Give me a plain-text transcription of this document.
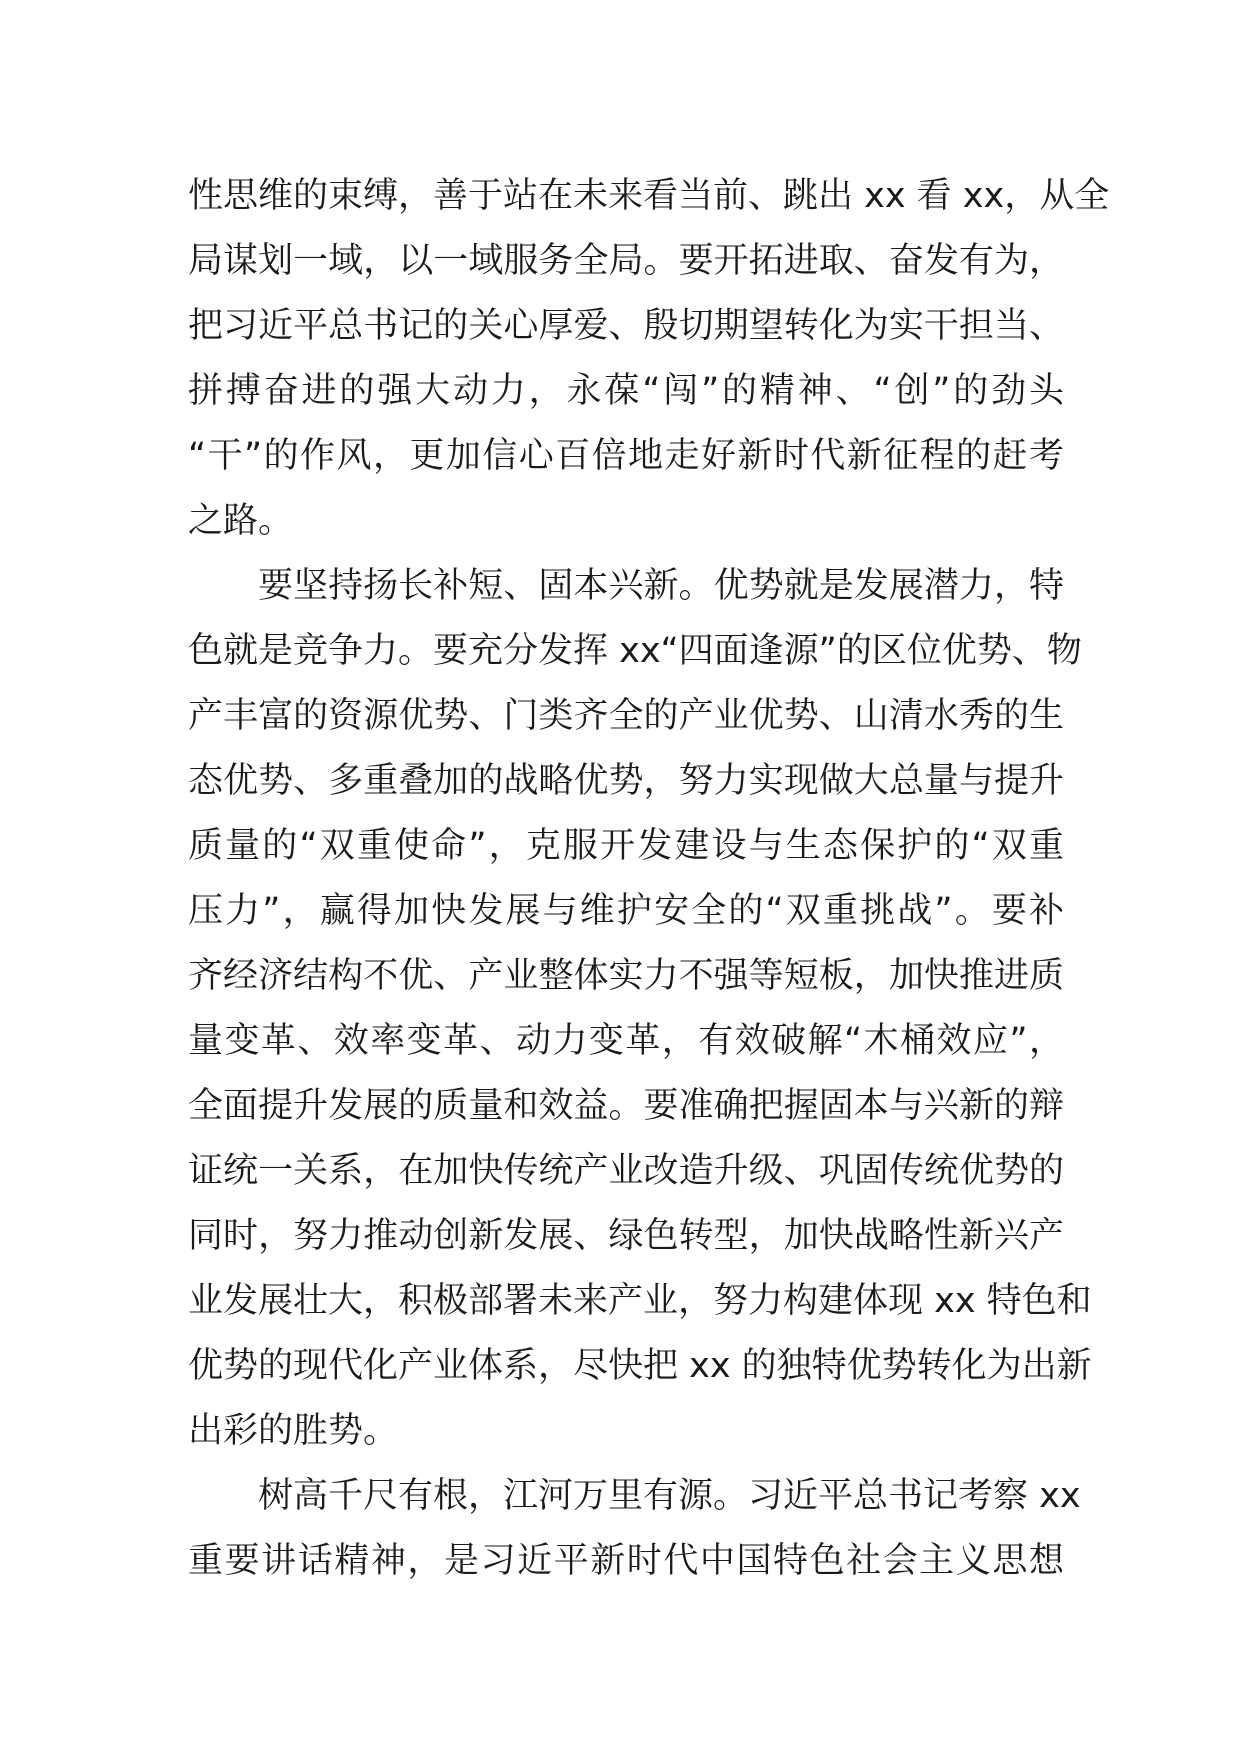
性思维的束缚，善于站在未来看当前、跳出 xx 看 xx，从全
局谋划一域，以一域服务全局。要开拓进取、奋发有为，
把习近平总书记的关心厚爱、殷切期望转化为实干担当、
拼搏奋进的强大动力，永葆“闯”的精神、“创”的劲头
“干”的作风，更加信心百倍地走好新时代新征程的赶考
之路。
要坚持扬长补短、固本兴新。优势就是发展潜力，特
色就是竞争力。要充分发挥 xx“四面逢源”的区位优势、物
产丰富的资源优势、门类齐全的产业优势、山清水秀的生
态优势、多重叠加的战略优势，努力实现做大总量与提升
质量的“双重使命”，克服开发建设与生态保护的“双重
压力”，赢得加快发展与维护安全的“双重挑战”。要补
齐经济结构不优、产业整体实力不强等短板，加快推进质
量变革、效率变革、动力变革，有效破解“木桶效应”，
全面提升发展的质量和效益。要准确把握固本与兴新的辩
证统一关系，在加快传统产业改造升级、巩固传统优势的
同时，努力推动创新发展、绿色转型，加快战略性新兴产
业发展壮大，积极部署未来产业，努力构建体现 xx 特色和
优势的现代化产业体系，尽快把 xx 的独特优势转化为出新
出彩的胜势。
树高千尺有根，江河万里有源。习近平总书记考察 xx
重要讲话精神，是习近平新时代中国特色社会主义思想
